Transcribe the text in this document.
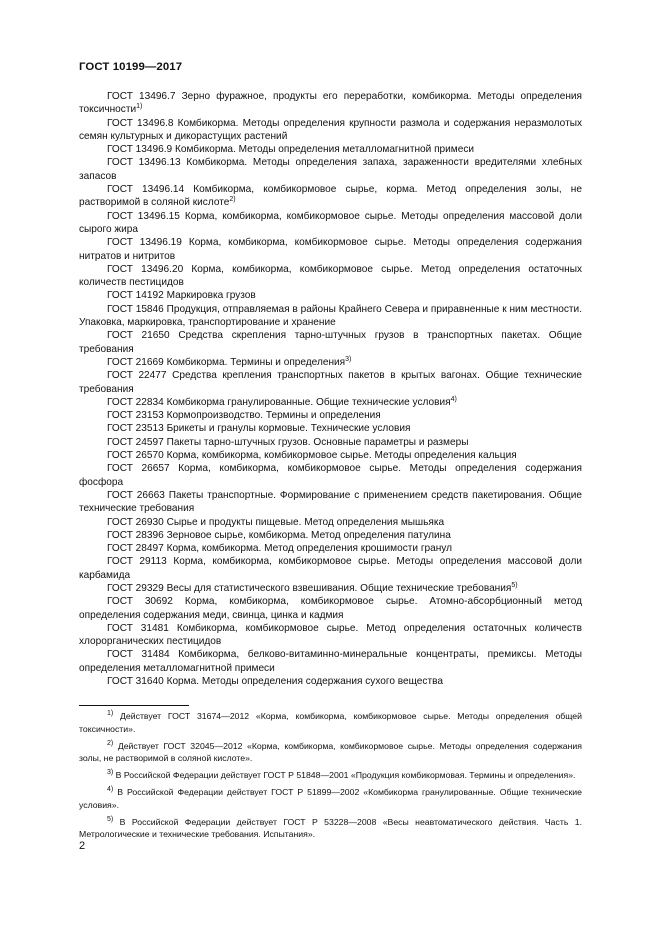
ГОСТ 10199—2017
ГОСТ 13496.7 Зерно фуражное, продукты его переработки, комбикорма. Методы определения токсичности$^{1)}$
ГОСТ 13496.8 Комбикорма. Методы определения крупности размола и содержания неразмолотых семян культурных и дикорастущих растений
ГОСТ 13496.9 Комбикорма. Методы определения металломагнитной примеси
ГОСТ 13496.13 Комбикорма. Методы определения запаха, зараженности вредителями хлебных запасов
ГОСТ 13496.14 Комбикорма, комбикормовое сырье, корма. Метод определения золы, не растворимой в соляной кислоте$^{2)}$
ГОСТ 13496.15 Корма, комбикорма, комбикормовое сырье. Методы определения массовой доли сырого жира
ГОСТ 13496.19 Корма, комбикорма, комбикормовое сырье. Методы определения содержания нитратов и нитритов
ГОСТ 13496.20 Корма, комбикорма, комбикормовое сырье. Метод определения остаточных количеств пестицидов
ГОСТ 14192 Маркировка грузов
ГОСТ 15846 Продукция, отправляемая в районы Крайнего Севера и приравненные к ним местности. Упаковка, маркировка, транспортирование и хранение
ГОСТ 21650 Средства скрепления тарно-штучных грузов в транспортных пакетах. Общие требования
ГОСТ 21669 Комбикорма. Термины и определения$^{3)}$
ГОСТ 22477 Средства крепления транспортных пакетов в крытых вагонах. Общие технические требования
ГОСТ 22834 Комбикорма гранулированные. Общие технические условия$^{4)}$
ГОСТ 23153 Кормопроизводство. Термины и определения
ГОСТ 23513 Брикеты и гранулы кормовые. Технические условия
ГОСТ 24597 Пакеты тарно-штучных грузов. Основные параметры и размеры
ГОСТ 26570 Корма, комбикорма, комбикормовое сырье. Методы определения кальция
ГОСТ 26657 Корма, комбикорма, комбикормовое сырье. Методы определения содержания фосфора
ГОСТ 26663 Пакеты транспортные. Формирование с применением средств пакетирования. Общие технические требования
ГОСТ 26930 Сырье и продукты пищевые. Метод определения мышьяка
ГОСТ 28396 Зерновое сырье, комбикорма. Метод определения патулина
ГОСТ 28497 Корма, комбикорма. Метод определения крошимости гранул
ГОСТ 29113 Корма, комбикорма, комбикормовое сырье. Методы определения массовой доли карбамида
ГОСТ 29329 Весы для статистического взвешивания. Общие технические требования$^{5)}$
ГОСТ 30692 Корма, комбикорма, комбикормовое сырье. Атомно-абсорбционный метод определения содержания меди, свинца, цинка и кадмия
ГОСТ 31481 Комбикорма, комбикормовое сырье. Метод определения остаточных количеств хлорорганических пестицидов
ГОСТ 31484 Комбикорма, белково-витаминно-минеральные концентраты, премиксы. Методы определения металломагнитной примеси
ГОСТ 31640 Корма. Методы определения содержания сухого вещества
$^{1)}$ Действует ГОСТ 31674—2012 «Корма, комбикорма, комбикормовое сырье. Методы определения общей токсичности».
$^{2)}$ Действует ГОСТ 32045—2012 «Корма, комбикорма, комбикормовое сырье. Методы определения содержания золы, не растворимой в соляной кислоте».
$^{3)}$ В Российской Федерации действует ГОСТ Р 51848—2001 «Продукция комбикормовая. Термины и определения».
$^{4)}$ В Российской Федерации действует ГОСТ Р 51899—2002 «Комбикорма гранулированные. Общие технические условия».
$^{5)}$ В Российской Федерации действует ГОСТ Р 53228—2008 «Весы неавтоматического действия. Часть 1. Метрологические и технические требования. Испытания».
2
